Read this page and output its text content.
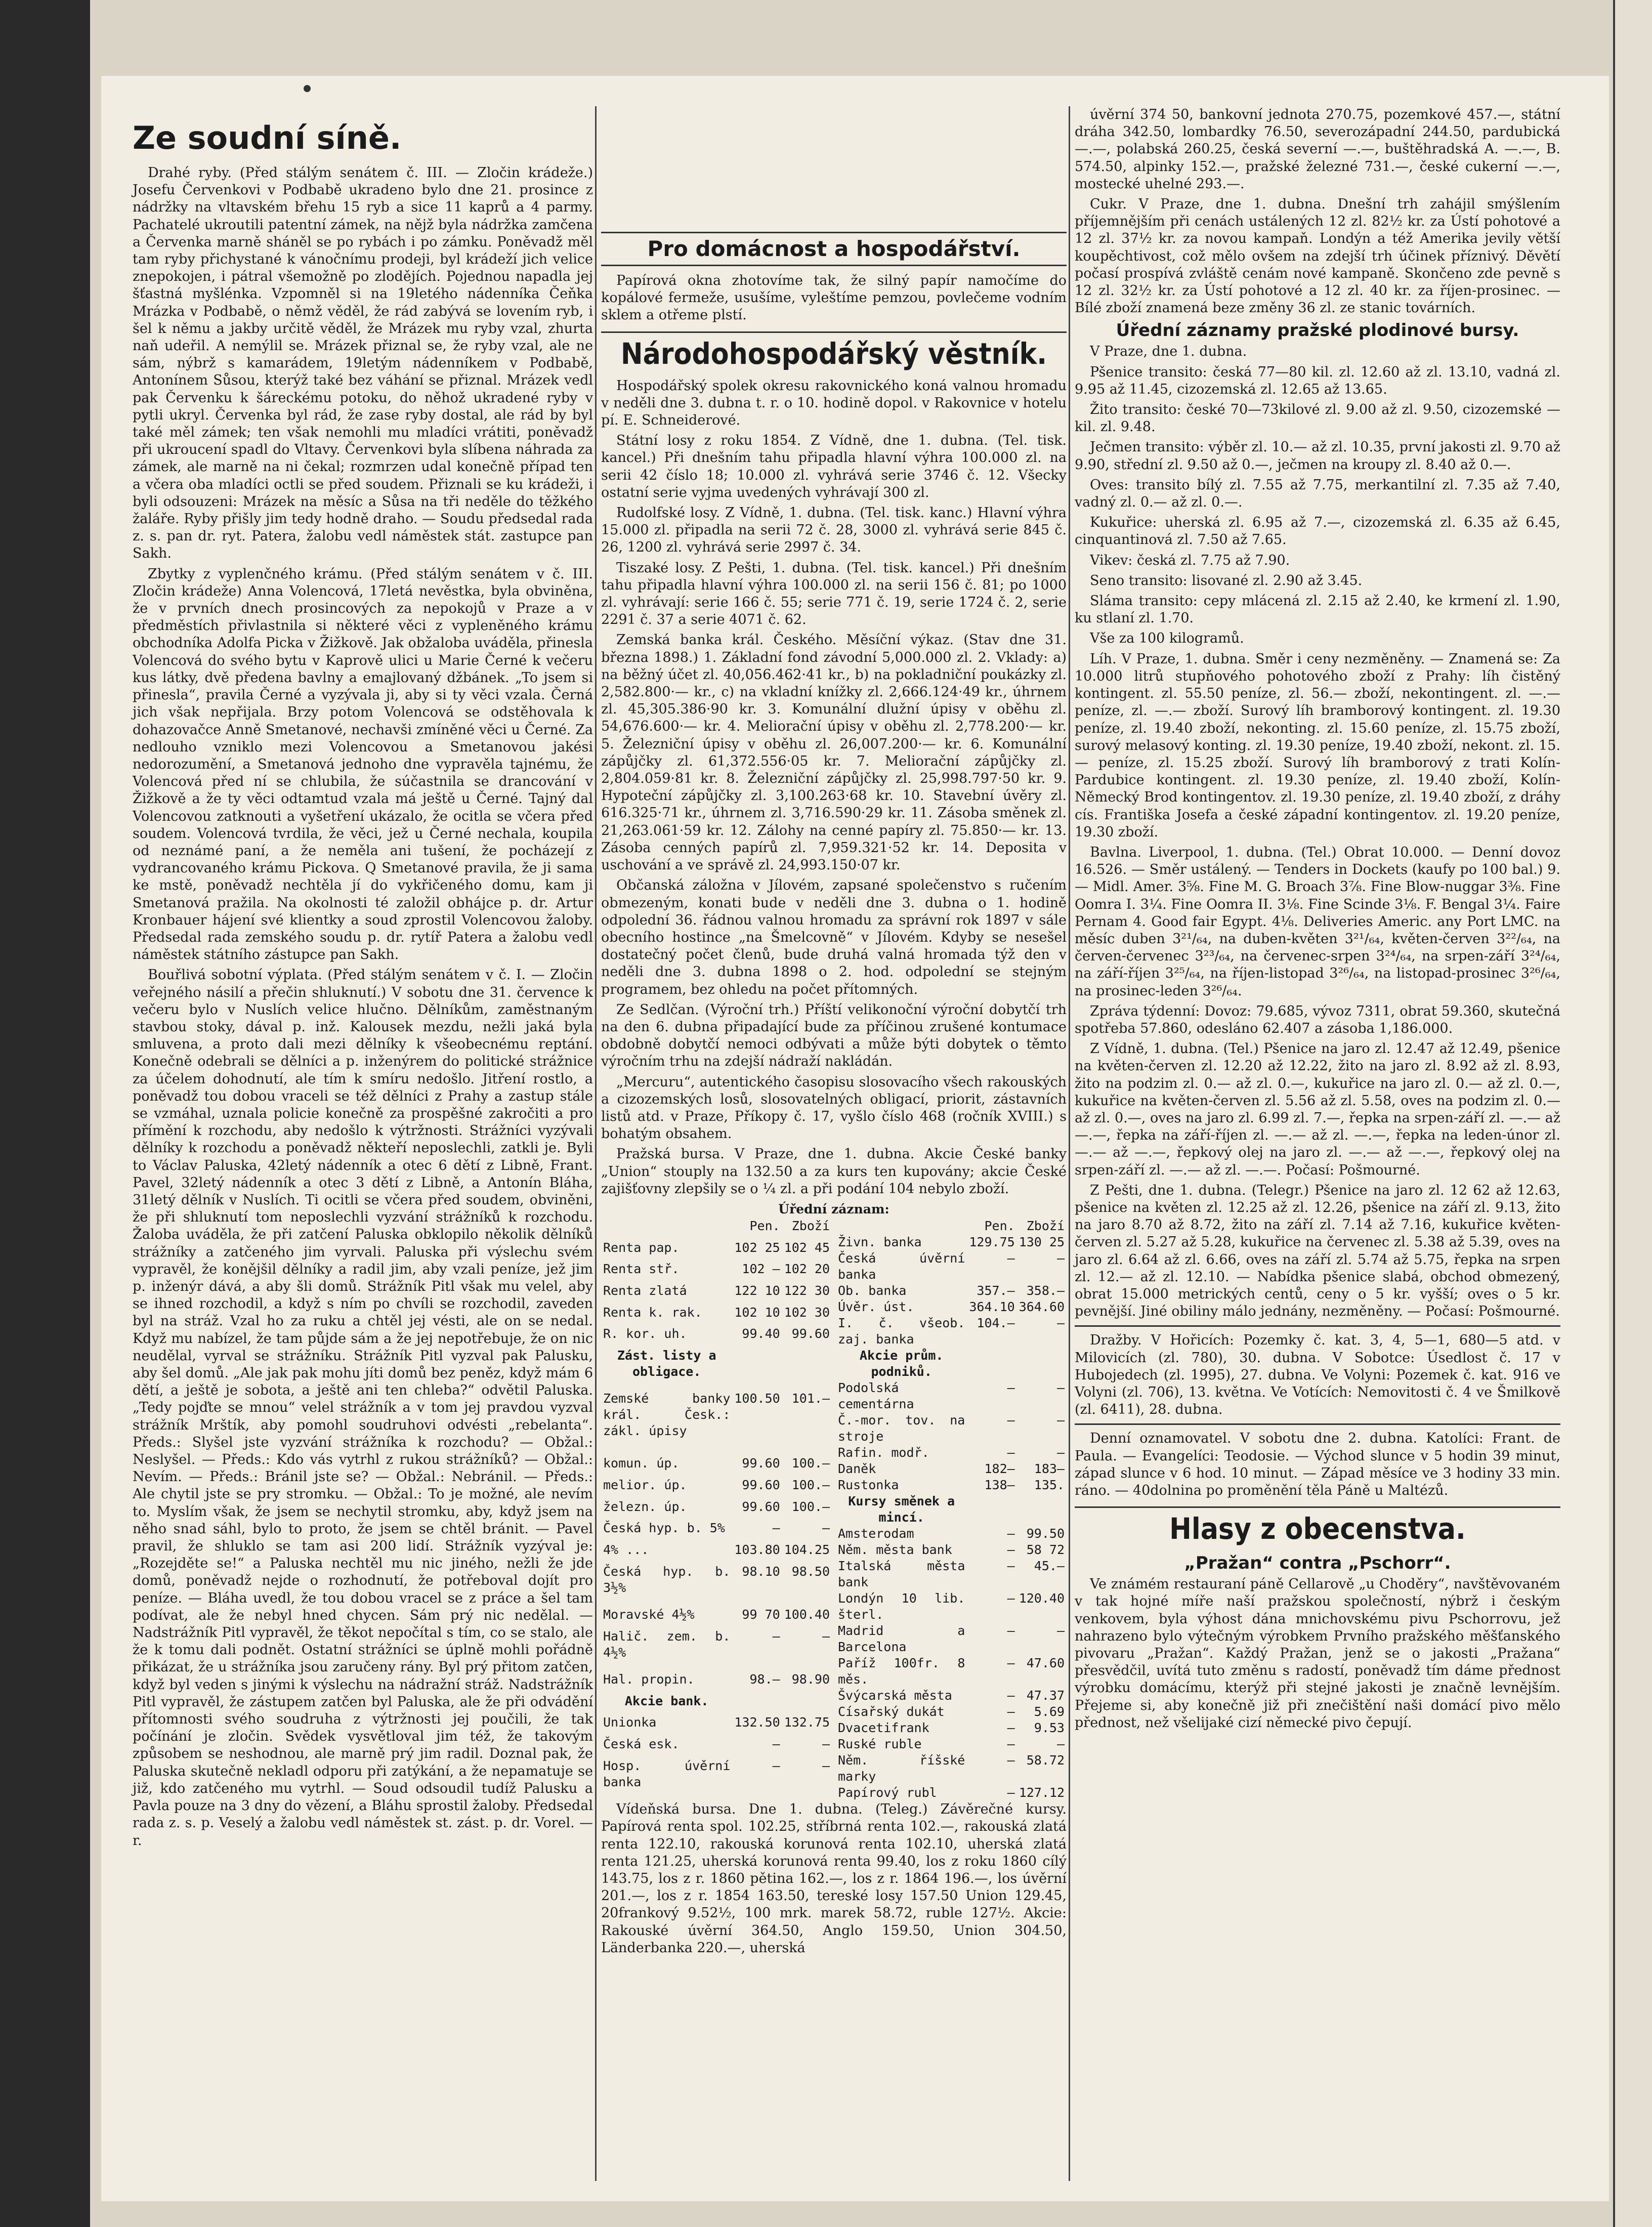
Ze soudní síně.

Drahé ryby. (Před stálým senátem č. III. — Zločin krádeže.) Josefu Červenkovi v Podbabě ukradeno bylo dne 21. prosince z nádržky na vltavském břehu 15 ryb a sice 11 kaprů a 4 parmy. Pachatelé ukroutili patentní zámek, na nějž byla nádržka zamčena a Červenka marně sháněl se po rybách i po zámku. Poněvadž měl tam ryby přichystané k vánočnímu prodeji, byl krádeží jich velice znepokojen, i pátral všemožně po zlodějích. Pojednou napadla jej šťastná myšlénka. Vzpomněl si na 19letého nádenníka Čeňka Mrázka v Podbabě, o němž věděl, že rád zabývá se lovením ryb, i šel k němu a jakby určitě věděl, že Mrázek mu ryby vzal, zhurta naň udeřil. A nemýlil se. Mrázek přiznal se, že ryby vzal, ale ne sám, nýbrž s kamarádem, 19letým nádenníkem v Podbabě, Antonínem Sůsou, kterýž také bez váhání se přiznal. Mrázek vedl pak Červenku k šáreckému potoku, do něhož ukradené ryby v pytli ukryl. Červenka byl rád, že zase ryby dostal, ale rád by byl také měl zámek; ten však nemohli mu mladíci vrátiti, poněvadž při ukroucení spadl do Vltavy. Červenkovi byla slíbena náhrada za zámek, ale marně na ni čekal; rozmrzen udal konečně případ ten a včera oba mladíci octli se před soudem. Přiznali se ku krádeži, i byli odsouzeni: Mrázek na měsíc a Sůsa na tři neděle do těžkého žaláře. Ryby přišly jim tedy hodně draho. — Soudu předsedal rada z. s. pan dr. ryt. Patera, žalobu vedl náměstek stát. zastupce pan Sakh.

Zbytky z vyplenčného krámu. (Před stálým senátem v č. III. Zločin krádeže) Anna Volencová, 17letá nevěstka, byla obviněna, že v prvních dnech prosincových za nepokojů v Praze a v předměstích přivlastnila si některé věci z vypleněného krámu obchodníka Adolfa Picka v Žižkově. Jak obžaloba uváděla, přinesla Volencová do svého bytu v Kaprově ulici u Marie Černé k večeru kus látky, dvě předena bavlny a emajlovaný džbánek. „To jsem si přinesla“, pravila Černé a vyzývala ji, aby si ty věci vzala. Černá jich však nepřijala. Brzy potom Volencová se odstěhovala k dohazovačce Anně Smetanové, nechavši zmíněné věci u Černé. Za nedlouho vzniklo mezi Volencovou a Smetanovou jakési nedorozumění, a Smetanová jednoho dne vypravěla tajnému, že Volencová před ní se chlubila, že súčastnila se drancování v Žižkově a že ty věci odtamtud vzala má ještě u Černé. Tajný dal Volencovou zatknouti a vyšetření ukázalo, že ocitla se včera před soudem. Volencová tvrdila, že věci, jež u Černé nechala, koupila od neznámé paní, a že neměla ani tušení, že pocházejí z vydrancovaného krámu Pickova. Q Smetanové pravila, že ji sama ke mstě, poněvadž nechtěla jí do vykřičeného domu, kam ji Smetanová pražila. Na okolnosti té založil obhájce p. dr. Artur Kronbauer hájení své klientky a soud zprostil Volencovou žaloby. Předsedal rada zemského soudu p. dr. rytíř Patera a žalobu vedl náměstek státního zástupce pan Sakh.

Bouřlivá sobotní výplata. (Před stálým senátem v č. I. — Zločin veřejného násilí a přečin shluknutí.) V sobotu dne 31. července k večeru bylo v Nuslích velice hlučno. Dělníkům, zaměstnaným stavbou stoky, dával p. inž. Kalousek mezdu, nežli jaká byla smluvena, a proto dali mezi dělníky k všeobecnému reptání. Konečně odebrali se dělníci a p. inženýrem do politické strážnice za účelem dohodnutí, ale tím k smíru nedošlo. Jitření rostlo, a poněvadž tou dobou vraceli se též dělníci z Prahy a zastup stále se vzmáhal, uznala policie konečně za prospěšné zakročiti a pro přímění k rozchodu, aby nedošlo k výtržnosti. Strážníci vyzývali dělníky k rozchodu a poněvadž někteří neposlechli, zatkli je. Byli to Václav Paluska, 42letý nádenník a otec 6 dětí z Libně, Frant. Pavel, 32letý nádenník a otec 3 dětí z Libně, a Antonín Bláha, 31letý dělník v Nuslích. Ti ocitli se včera před soudem, obviněni, že při shluknutí tom neposlechli vyzvání strážníků k rozchodu. Žaloba uváděla, že při zatčení Paluska obklopilo několik dělníků strážníky a zatčeného jim vyrvali. Paluska při výslechu svém vypravěl, že konějšil dělníky a radil jim, aby vzali peníze, jež jim p. inženýr dává, a aby šli domů. Strážník Pitl však mu velel, aby se ihned rozchodil, a když s ním po chvíli se rozchodil, zaveden byl na stráž. Vzal ho za ruku a chtěl jej vésti, ale on se nedal. Když mu nabízel, že tam půjde sám a že jej nepotřebuje, že on nic neudělal, vyrval se strážníku. Strážník Pitl vyzval pak Palusku, aby šel domů. „Ale jak pak mohu jíti domů bez peněz, když mám 6 dětí, a ještě je sobota, a ještě ani ten chleba?“ odvětil Paluska. „Tedy pojďte se mnou“ velel strážník a v tom jej pravdou vyzval strážník Mrštík, aby pomohl soudruhovi odvésti „rebelanta“. Předs.: Slyšel jste vyzvání strážníka k rozchodu? — Obžal.: Neslyšel. — Předs.: Kdo vás vytrhl z rukou strážníků? — Obžal.: Nevím. — Předs.: Bránil jste se? — Obžal.: Nebránil. — Předs.: Ale chytil jste se pry stromku. — Obžal.: To je možné, ale nevím to. Myslím však, že jsem se nechytil stromku, aby, když jsem na něho snad sáhl, bylo to proto, že jsem se chtěl bránit. — Pavel pravil, že shluklo se tam asi 200 lidí. Strážník vyzýval je: „Rozejděte se!“ a Paluska nechtěl mu nic jiného, nežli že jde domů, poněvadž nejde o rozhodnutí, že potřeboval dojít pro peníze. — Bláha uvedl, že tou dobou vracel se z práce a šel tam podívat, ale že nebyl hned chycen. Sám prý nic nedělal. — Nadstrážník Pitl vypravěl, že těkot nepočítal s tím, co se stalo, ale že k tomu dali podnět. Ostatní strážníci se úplně mohli pořádně přikázat, že u strážníka jsou zaručeny rány. Byl prý přitom zatčen, když byl veden s jinými k výslechu na nádražní stráž. Nadstrážník Pitl vypravěl, že zástupem zatčen byl Paluska, ale že při odvádění přítomnosti svého soudruha z výtržnosti jej poučili, že tak počínání je zločin. Svědek vysvětloval jim též, že takovým způsobem se neshodnou, ale marně prý jim radil. Doznal pak, že Paluska skutečně nekladl odporu při zatýkání, a že nepamatuje se již, kdo zatčeného mu vytrhl. — Soud odsoudil tudíž Palusku a Pavla pouze na 3 dny do vězení, a Bláhu sprostil žaloby. Předsedal rada z. s. p. Veselý a žalobu vedl náměstek st. zást. p. dr. Vorel. —r.

Pro domácnost a hospodářství.

Papírová okna zhotovíme tak, že silný papír namočíme do kopálové fermeže, usušíme, vyleštíme pemzou, povlečeme vodním sklem a otřeme plstí.

Národohospodářský věstník.

Hospodářský spolek okresu rakovnického koná valnou hromadu v neděli dne 3. dubna t. r. o 10. hodině dopol. v Rakovnice v hotelu pí. E. Schneiderové.

Státní losy z roku 1854. Z Vídně, dne 1. dubna. (Tel. tisk. kancel.) Při dnešním tahu připadla hlavní výhra 100.000 zl. na serii 42 číslo 18; 10.000 zl. vyhrává serie 3746 č. 12. Všecky ostatní serie vyjma uvedených vyhrávají 300 zl.

Rudolfské losy. Z Vídně, 1. dubna. (Tel. tisk. kanc.) Hlavní výhra 15.000 zl. připadla na serii 72 č. 28, 3000 zl. vyhrává serie 845 č. 26, 1200 zl. vyhrává serie 2997 č. 34.

Tiszaké losy. Z Pešti, 1. dubna. (Tel. tisk. kancel.) Při dnešním tahu připadla hlavní výhra 100.000 zl. na serii 156 č. 81; po 1000 zl. vyhrávají: serie 166 č. 55; serie 771 č. 19, serie 1724 č. 2, serie 2291 č. 37 a serie 4071 č. 62.

Zemská banka král. Českého. Měsíční výkaz. (Stav dne 31. března 1898.) 1. Základní fond závodní 5,000.000 zl. 2. Vklady: a) na běžný účet zl. 40,056.462·41 kr., b) na pokladniční poukázky zl. 2,582.800·— kr., c) na vkladní knížky zl. 2,666.124·49 kr., úhrnem zl. 45,305.386·90 kr. 3. Komunální dlužní úpisy v oběhu zl. 54,676.600·— kr. 4. Meliorační úpisy v oběhu zl. 2,778.200·— kr. 5. Železniční úpisy v oběhu zl. 26,007.200·— kr. 6. Komunální zápůjčky zl. 61,372.556·05 kr. 7. Meliorační zápůjčky zl. 2,804.059·81 kr. 8. Železniční zápůjčky zl. 25,998.797·50 kr. 9. Hypoteční zápůjčky zl. 3,100.263·68 kr. 10. Stavební úvěry zl. 616.325·71 kr., úhrnem zl. 3,716.590·29 kr. 11. Zásoba směnek zl. 21,263.061·59 kr. 12. Zálohy na cenné papíry zl. 75.850·— kr. 13. Zásoba cenných papírů zl. 7,959.321·52 kr. 14. Deposita v uschování a ve správě zl. 24,993.150·07 kr.

Občanská záložna v Jílovém, zapsané společenstvo s ručením obmezeným, konati bude v neděli dne 3. dubna o 1. hodině odpolední 36. řádnou valnou hromadu za správní rok 1897 v sále obecního hostince „na Šmelcovně“ v Jílovém. Kdyby se nesešel dostatečný počet členů, bude druhá valná hromada týž den v neděli dne 3. dubna 1898 o 2. hod. odpolední se stejným programem, bez ohledu na počet přítomných.

Ze Sedlčan. (Výroční trh.) Příští velikonoční výroční dobytčí trh na den 6. dubna připadající bude za příčinou zrušené kontumace obdobně dobytčí nemoci odbývati a může býti dobytek o těmto výročním trhu na zdejší nádraží nakládán.

„Mercuru“, autentického časopisu slosovacího všech rakouských a cizozemských losů, slosovatelných obligací, priorit, zástavních listů atd. v Praze, Příkopy č. 17, vyšlo číslo 468 (ročník XVIII.) s bohatým obsahem.

Pražská bursa. V Praze, dne 1. dubna. Akcie České banky „Union“ stouply na 132.50 a za kurs ten kupovány; akcie České zajišťovny zlepšily se o ¼ zl. a při podání 104 nebylo zboží.

Úřední záznam:
	Pen.	Zboží
Renta pap.	102 25	102 45
Renta stř.	102 —	102 20
Renta zlatá	122 10	122 30
Renta k. rak.	102 10	102 30
R. kor. uh.	99.40	99.60
Zást. listy a obligace.		
Zemské banky král. Česk.: zákl. úpisy	100.50	101.—
komun. úp.	99.60	100.—
melior. úp.	99.60	100.—
železn. úp.	99.60	100.—
Česká hyp. b. 5%	—	—
4% ...	103.80	104.25
Česká hyp. b. 3½%	98.10	98.50
Moravské 4½%	99 70	100.40
Halič. zem. b. 4½%	—	—
Hal. propin.	98.—	98.90
Akcie bank.		
Unionka	132.50	132.75
Česká esk.	—	—
Hosp. úvěrní banka	—	—
	Pen.	Zboží
Živn. banka	129.75	130 25
Česká úvěrní banka	—	—
Ob. banka	357.—	358.—
Úvěr. úst.	364.10	364.60
I. č. všeob. zaj. banka	104.—	—
Akcie prům. podniků.		
Podolská cementárna	—	—
Č.-mor. tov. na stroje	—	—
Rafin. modř.	—	—
Daněk	182—	183—
Rustonka	138—	135.
Kursy směnek a mincí.		
Amsterodam	—	99.50
Něm. města bank	—	58 72
Italská města bank	—	45.—
Londýn 10 lib. šterl.	—	120.40
Madrid a Barcelona	—	—
Paříž 100fr. 8 měs.	—	47.60
Švýcarská města	—	47.37
Císařský dukát	—	5.69
Dvacetifrank	—	9.53
Ruské ruble	—	—
Něm. říšské marky	—	58.72
Papírový rubl	—	127.12

Vídeňská bursa. Dne 1. dubna. (Teleg.) Závěrečné kursy. Papírová renta spol. 102.25, stříbrná renta 102.—, rakouská zlatá renta 122.10, rakouská korunová renta 102.10, uherská zlatá renta 121.25, uherská korunová renta 99.40, los z roku 1860 cílý 143.75, los z r. 1860 pětina 162.—, los z r. 1864 196.—, los úvěrní 201.—, los z r. 1854 163.50, tereské losy 157.50 Union 129.45, 20frankový 9.52½, 100 mrk. marek 58.72, ruble 127½. Akcie: Rakouské úvěrní 364.50, Anglo 159.50, Union 304.50, Länderbanka 220.—, uherská

úvěrní 374 50, bankovní jednota 270.75, pozemkové 457.—, státní dráha 342.50, lombardky 76.50, severozápadní 244.50, pardubická —.—, polabská 260.25, česká severní —.—, buštěhradská A. —.—, B. 574.50, alpinky 152.—, pražské železné 731.—, české cukerní —.—, mostecké uhelné 293.—.

Cukr. V Praze, dne 1. dubna. Dnešní trh zahájil smýšlením příjemnějším při cenách ustálených 12 zl. 82½ kr. za Ústí pohotové a 12 zl. 37½ kr. za novou kampaň. Londýn a též Amerika jevily větší koupěchtivost, což mělo ovšem na zdejší trh účinek příznivý. Děvětí počasí prospívá zvláště cenám nové kampaně. Skončeno zde pevně s 12 zl. 32½ kr. za Ústí pohotové a 12 zl. 40 kr. za říjen-prosinec. — Bílé zboží znamená beze změny 36 zl. ze stanic továrních.

Úřední záznamy pražské plodinové bursy.

V Praze, dne 1. dubna.

Pšenice transito: česká 77—80 kil. zl. 12.60 až zl. 13.10, vadná zl. 9.95 až 11.45, cizozemská zl. 12.65 až 13.65.

Žito transito: české 70—73kilové zl. 9.00 až zl. 9.50, cizozemské —kil. zl. 9.48.

Ječmen transito: výběr zl. 10.— až zl. 10.35, první jakosti zl. 9.70 až 9.90, střední zl. 9.50 až 0.—, ječmen na kroupy zl. 8.40 až 0.—.

Oves: transito bílý zl. 7.55 až 7.75, merkantilní zl. 7.35 až 7.40, vadný zl. 0.— až zl. 0.—.

Kukuřice: uherská zl. 6.95 až 7.—, cizozemská zl. 6.35 až 6.45, cinquantinová zl. 7.50 až 7.65.

Vikev: česká zl. 7.75 až 7.90.

Seno transito: lisované zl. 2.90 až 3.45.

Sláma transito: cepy mlácená zl. 2.15 až 2.40, ke krmení zl. 1.90, ku stlaní zl. 1.70.

Vše za 100 kilogramů.

Líh. V Praze, 1. dubna. Směr i ceny nezměněny. — Znamená se: Za 10.000 litrů stupňového pohotového zboží z Prahy: líh čistěný kontingent. zl. 55.50 peníze, zl. 56.— zboží, nekontingent. zl. —.— peníze, zl. —.— zboží. Surový líh bramborový kontingent. zl. 19.30 peníze, zl. 19.40 zboží, nekonting. zl. 15.60 peníze, zl. 15.75 zboží, surový melasový konting. zl. 19.30 peníze, 19.40 zboží, nekont. zl. 15.— peníze, zl. 15.25 zboží. Surový líh bramborový z trati Kolín-Pardubice kontingent. zl. 19.30 peníze, zl. 19.40 zboží, Kolín-Německý Brod kontingentov. zl. 19.30 peníze, zl. 19.40 zboží, z dráhy cís. Františka Josefa a české západní kontingentov. zl. 19.20 peníze, 19.30 zboží.

Bavlna. Liverpool, 1. dubna. (Tel.) Obrat 10.000. — Denní dovoz 16.526. — Směr ustálený. — Tenders in Dockets (kaufy po 100 bal.) 9. — Midl. Amer. 3⅝. Fine M. G. Broach 3⅞. Fine Blow-nuggar 3⅜. Fine Oomra I. 3¼. Fine Oomra II. 3⅛. Fine Scinde 3⅛. F. Bengal 3¼. Faire Pernam 4. Good fair Egypt. 4⅛. Deliveries Americ. any Port LMC. na měsíc duben 3²¹/₆₄, na duben-květen 3²¹/₆₄, květen-červen 3²²/₆₄, na červen-červenec 3²³/₆₄, na červenec-srpen 3²⁴/₆₄, na srpen-září 3²⁴/₆₄, na září-říjen 3²⁵/₆₄, na říjen-listopad 3²⁶/₆₄, na listopad-prosinec 3²⁶/₆₄, na prosinec-leden 3²⁶/₆₄.

Zpráva týdenní: Dovoz: 79.685, vývoz 7311, obrat 59.360, skutečná spotřeba 57.860, odesláno 62.407 a zásoba 1,186.000.

Z Vídně, 1. dubna. (Tel.) Pšenice na jaro zl. 12.47 až 12.49, pšenice na květen-červen zl. 12.20 až 12.22, žito na jaro zl. 8.92 až zl. 8.93, žito na podzim zl. 0.— až zl. 0.—, kukuřice na jaro zl. 0.— až zl. 0.—, kukuřice na květen-červen zl. 5.56 až zl. 5.58, oves na podzim zl. 0.— až zl. 0.—, oves na jaro zl. 6.99 zl. 7.—, řepka na srpen-září zl. —.— až —.—, řepka na září-říjen zl. —.— až zl. —.—, řepka na leden-únor zl. —.— až —.—, řepkový olej na jaro zl. —.— až —.—, řepkový olej na srpen-září zl. —.— až zl. —.—. Počasí: Pošmourné.

Z Pešti, dne 1. dubna. (Telegr.) Pšenice na jaro zl. 12 62 až 12.63, pšenice na květen zl. 12.25 až zl. 12.26, pšenice na září zl. 9.13, žito na jaro 8.70 až 8.72, žito na září zl. 7.14 až 7.16, kukuřice květen-červen zl. 5.27 až 5.28, kukuřice na červenec zl. 5.38 až 5.39, oves na jaro zl. 6.64 až zl. 6.66, oves na září zl. 5.74 až 5.75, řepka na srpen zl. 12.— až zl. 12.10. — Nabídka pšenice slabá, obchod obmezený, obrat 15.000 metrických centů, ceny o 5 kr. vyšší; oves o 5 kr. pevnější. Jiné obiliny málo jednány, nezměněny. — Počasí: Pošmourné.

Dražby. V Hořicích: Pozemky č. kat. 3, 4, 5—1, 680—5 atd. v Milovicích (zl. 780), 30. dubna. V Sobotce: Úsedlost č. 17 v Hubojedech (zl. 1995), 27. dubna. Ve Volyni: Pozemek č. kat. 916 ve Volyni (zl. 706), 13. května. Ve Votících: Nemovitosti č. 4 ve Šmilkově (zl. 6411), 28. dubna.

Denní oznamovatel. V sobotu dne 2. dubna. Katolíci: Frant. de Paula. — Evangelíci: Teodosie. — Východ slunce v 5 hodin 39 minut, západ slunce v 6 hod. 10 minut. — Západ měsíce ve 3 hodiny 33 min. ráno. — 40dolnina po proměnění těla Páně u Maltézů.

Hlasy z obecenstva.
„Pražan“ contra „Pschorr“.

Ve známém restauraní páně Cellarově „u Choděry“, navštěvovaném v tak hojné míře naší pražskou společností, nýbrž i českým venkovem, byla výhost dána mnichovskému pivu Pschorrovu, jež nahrazeno bylo výtečným výrobkem Prvního pražského měšťanského pivovaru „Pražan“. Každý Pražan, jenž se o jakosti „Pražana“ přesvědčil, uvítá tuto změnu s radostí, poněvadž tím dáme přednost výrobku domácímu, kterýž při stejné jakosti je značně levnějším. Přejeme si, aby konečně již při znečištění naši domácí pivo mělo přednost, než všelijaké cizí německé pivo čepují.
